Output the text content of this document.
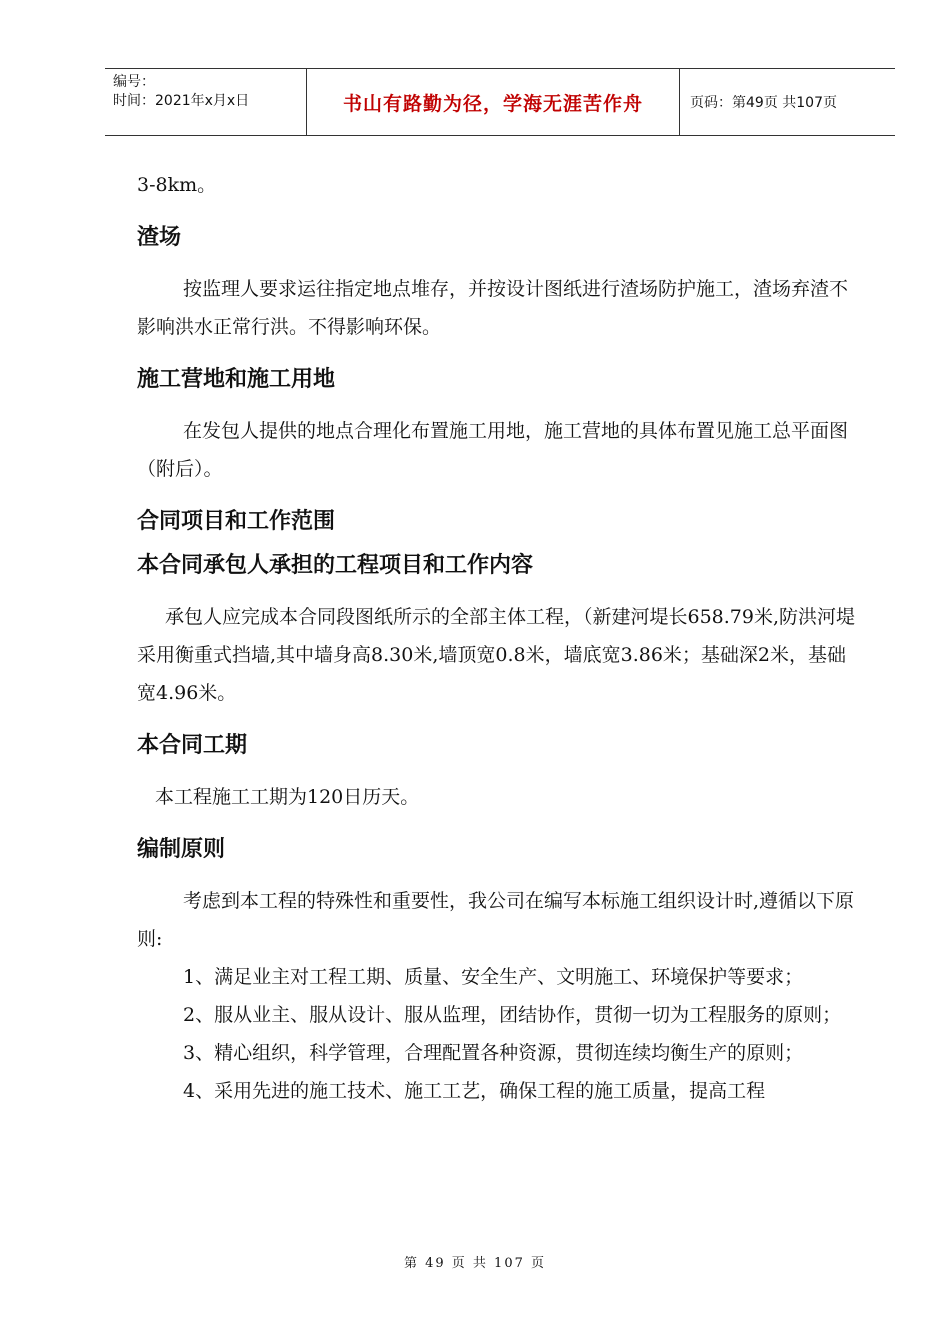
编号：
时间：2021年x月x日	书山有路勤为径，学海无涯苦作舟	页码：第49页 共107页

3-8km。

渣场

按监理人要求运往指定地点堆存，并按设计图纸进行渣场防护施工，渣场弃渣不影响洪水正常行洪。不得影响环保。

施工营地和施工用地

在发包人提供的地点合理化布置施工用地，施工营地的具体布置见施工总平面图（附后）。

合同项目和工作范围
本合同承包人承担的工程项目和工作内容

承包人应完成本合同段图纸所示的全部主体工程，（新建河堤长658.79米,防洪河堤采用衡重式挡墙,其中墙身高8.30米,墙顶宽0.8米，墙底宽3.86米；基础深2米，基础宽4.96米。

本合同工期

本工程施工工期为120日历天。

编制原则

考虑到本工程的特殊性和重要性，我公司在编写本标施工组织设计时,遵循以下原则:

1、满足业主对工程工期、质量、安全生产、文明施工、环境保护等要求；

2、服从业主、服从设计、服从监理，团结协作，贯彻一切为工程服务的原则；

3、精心组织，科学管理，合理配置各种资源，贯彻连续均衡生产的原则；

4、采用先进的施工技术、施工工艺，确保工程的施工质量，提高工程

第 49 页 共 107 页
